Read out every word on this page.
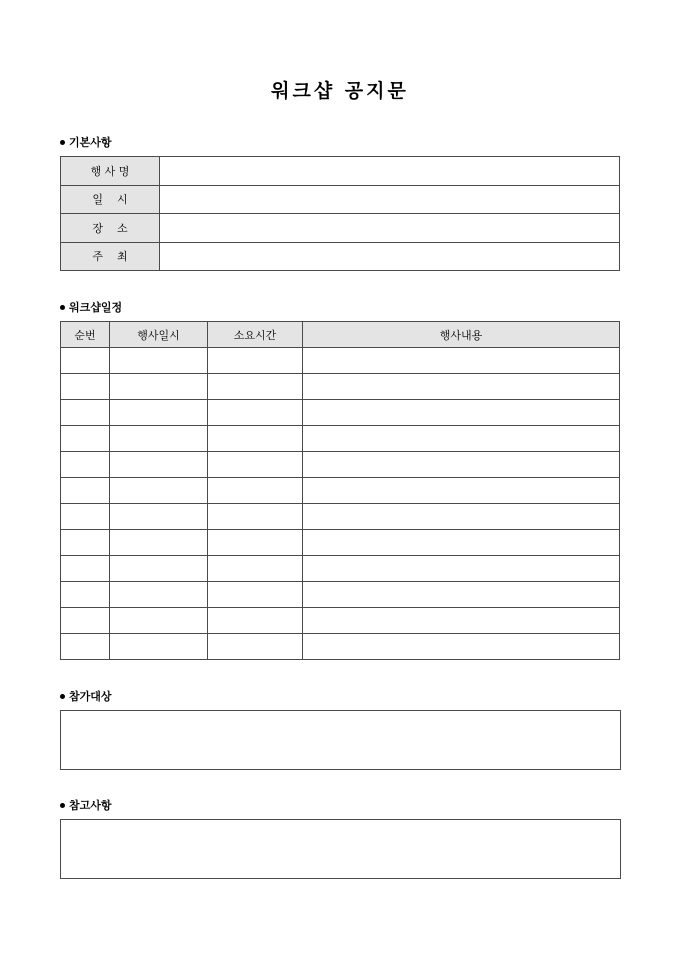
워크샵 공지문
기본사항
행 사 명	
일    시	
장    소	
주    최	
워크샵일정
순번	행사일시	소요시간	행사내용

참가대상
참고사항
